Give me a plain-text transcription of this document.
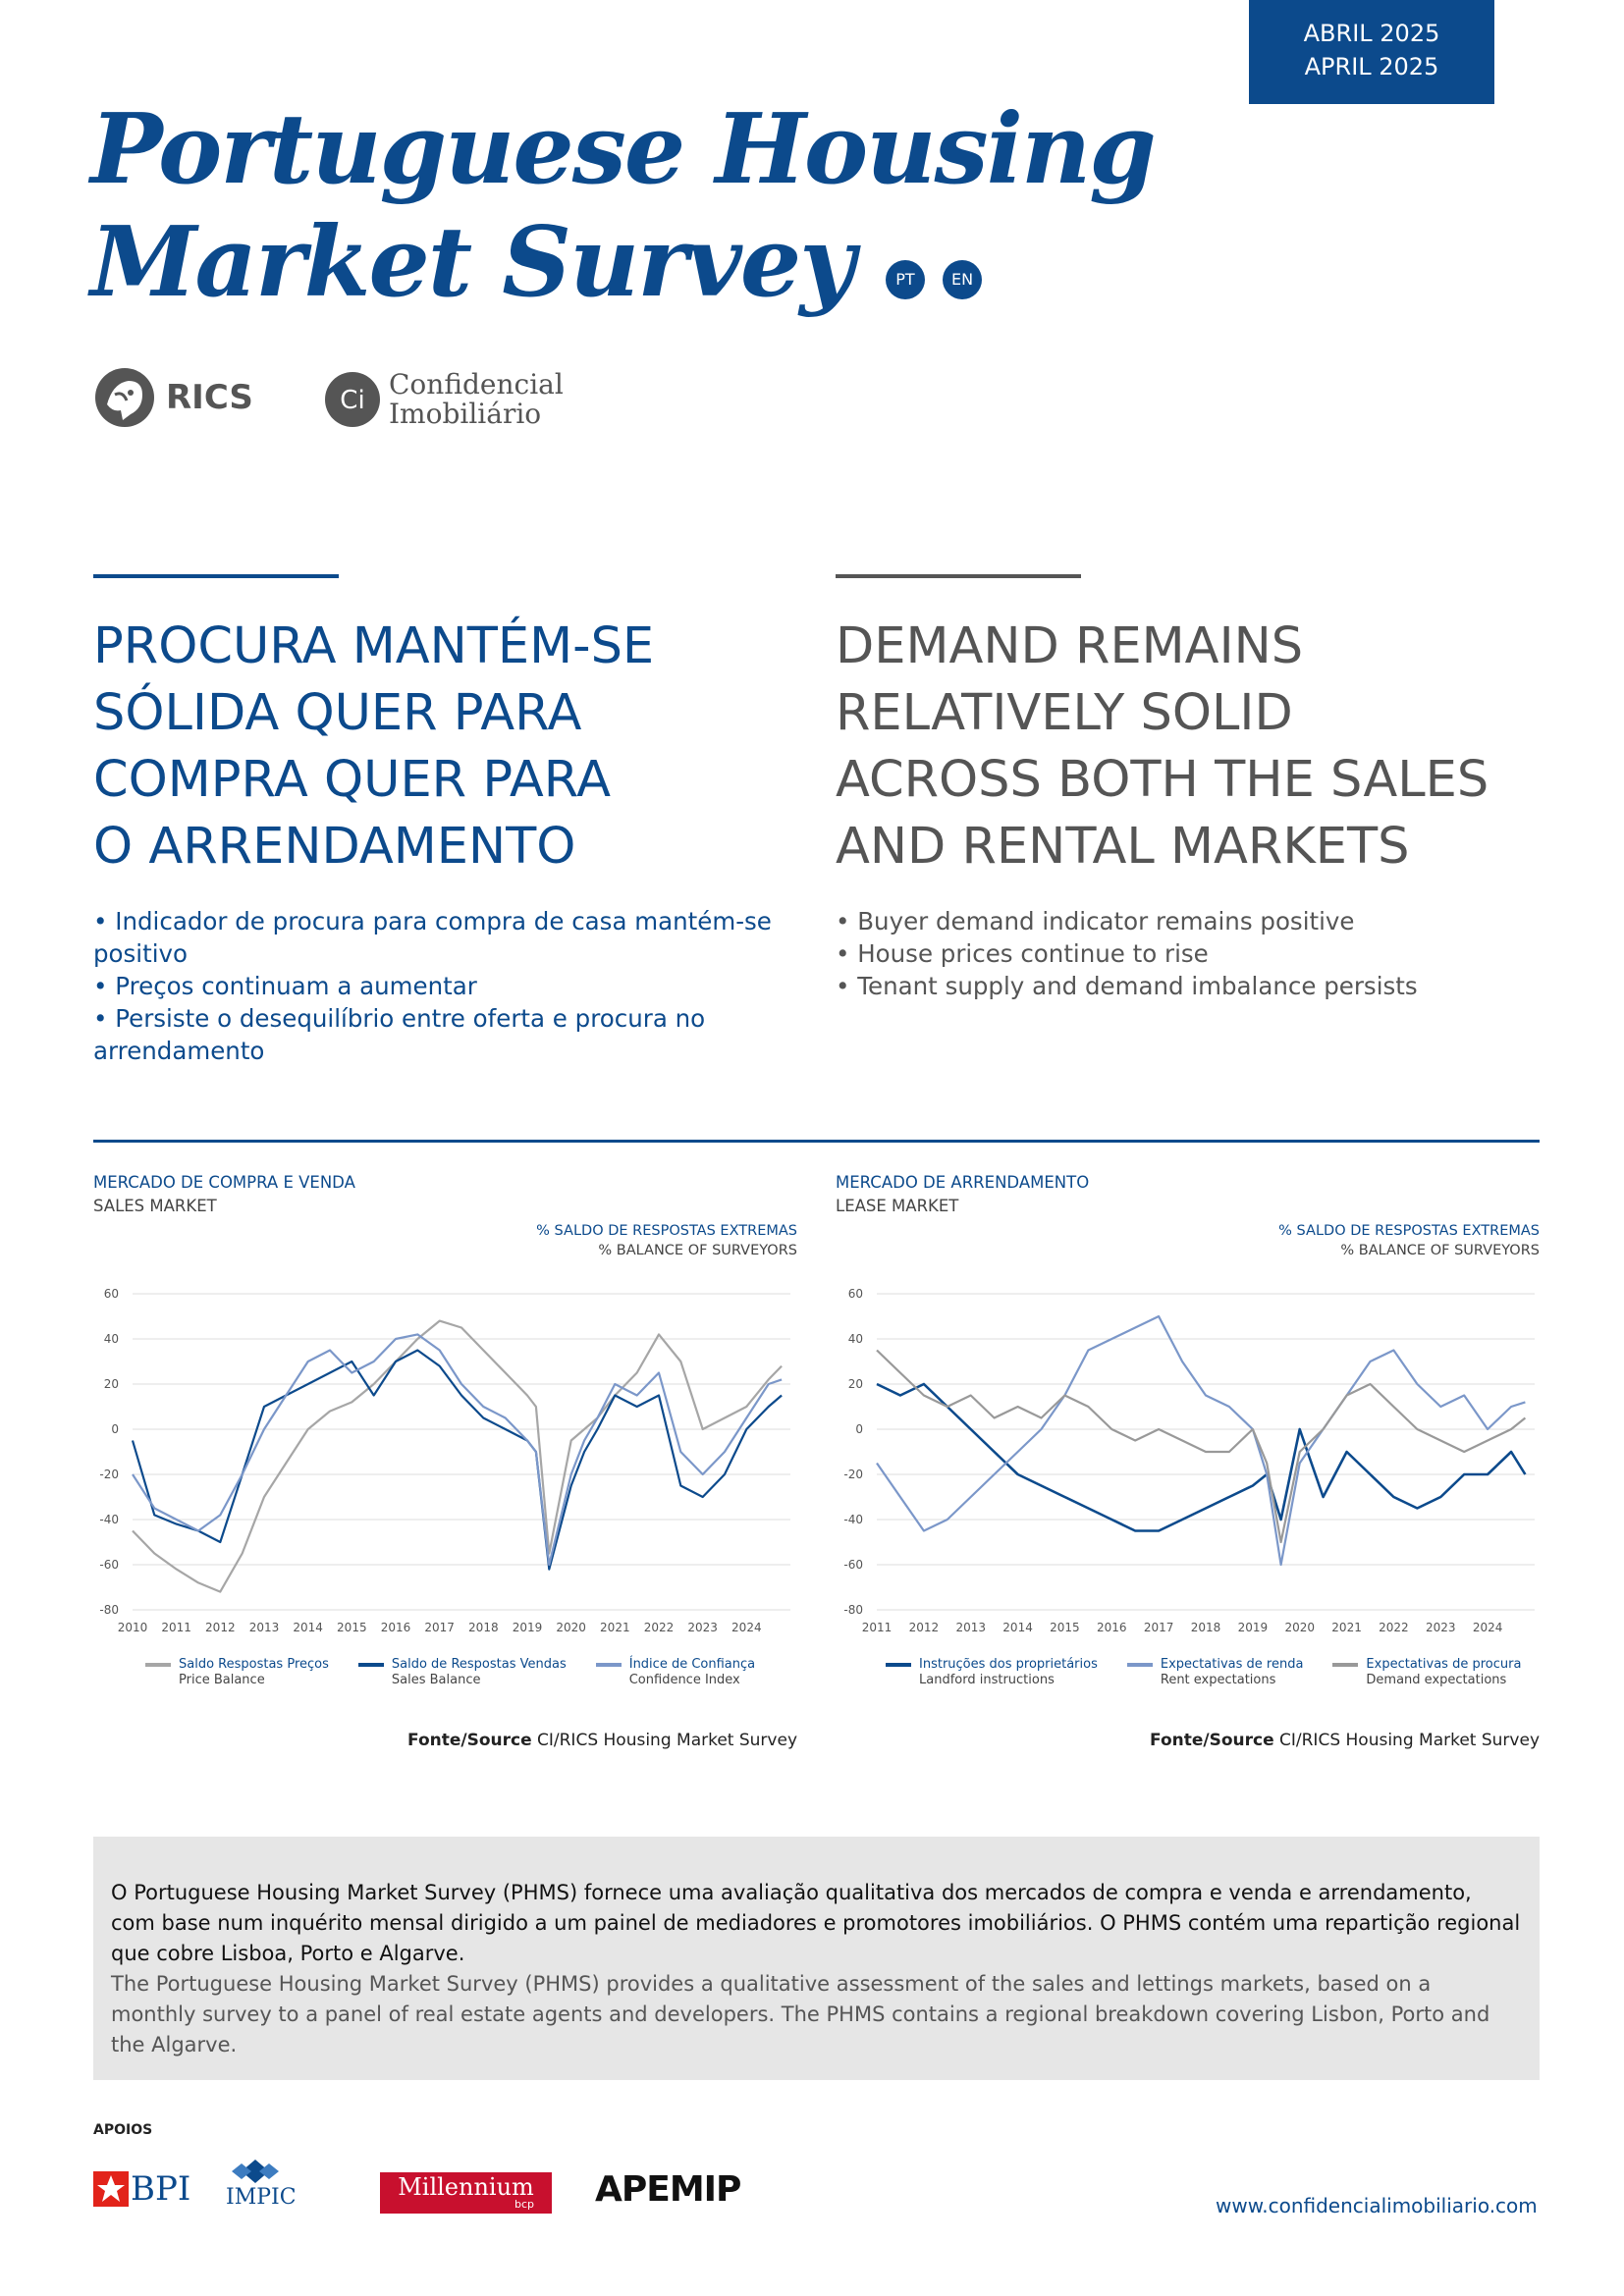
ABRIL 2025
APRIL 2025
Portuguese Housing
Market Survey	PT	EN
RICS	Ci Confidencial
Imobiliário
PROCURA MANTÉM-SE
SÓLIDA QUER PARA
COMPRA QUER PARA
O ARRENDAMENTO
DEMAND REMAINS
RELATIVELY SOLID
ACROSS BOTH THE SALES
AND RENTAL MARKETS
• Indicador de procura para compra de casa mantém-se positivo
• Preços continuam a aumentar
• Persiste o desequilíbrio entre oferta e procura no arrendamento
• Buyer demand indicator remains positive
• House prices continue to rise
• Tenant supply and demand imbalance persists
MERCADO DE COMPRA E VENDA
SALES MARKET
% SALDO DE RESPOSTAS EXTREMAS
% BALANCE OF SURVEYORS
-80
-60
-40
-20
0
20
40
60
2010 2011 2012 2013 2014 2015 2016 2017 2018 2019 2020 2021 2022 2023 2024
Saldo Respostas Preços
Price Balance
Saldo de Respostas Vendas
Sales Balance
Índice de Confiança
Confidence Index
Fonte/Source CI/RICS Housing Market Survey
MERCADO DE ARRENDAMENTO
LEASE MARKET
% SALDO DE RESPOSTAS EXTREMAS
% BALANCE OF SURVEYORS
-80
-60
-40
-20
0
20
40
60
2011 2012 2013 2014 2015 2016 2017 2018 2019 2020 2021 2022 2023 2024
Instruções dos proprietários
Landford instructions
Expectativas de renda
Rent expectations
Expectativas de procura
Demand expectations
Fonte/Source CI/RICS Housing Market Survey
O Portuguese Housing Market Survey (PHMS) fornece uma avaliação qualitativa dos mercados de compra e venda e arrendamento, com base num inquérito mensal dirigido a um painel de mediadores e promotores imobiliários. O PHMS contém uma repartição regional que cobre Lisboa, Porto e Algarve.
The Portuguese Housing Market Survey (PHMS) provides a qualitative assessment of the sales and lettings markets, based on a monthly survey to a panel of real estate agents and developers. The PHMS contains a regional breakdown covering Lisbon, Porto and the Algarve.
APOIOS
BPI IMPIC	Millennium
bcp APEMIP	www.confidencialimobiliario.com
